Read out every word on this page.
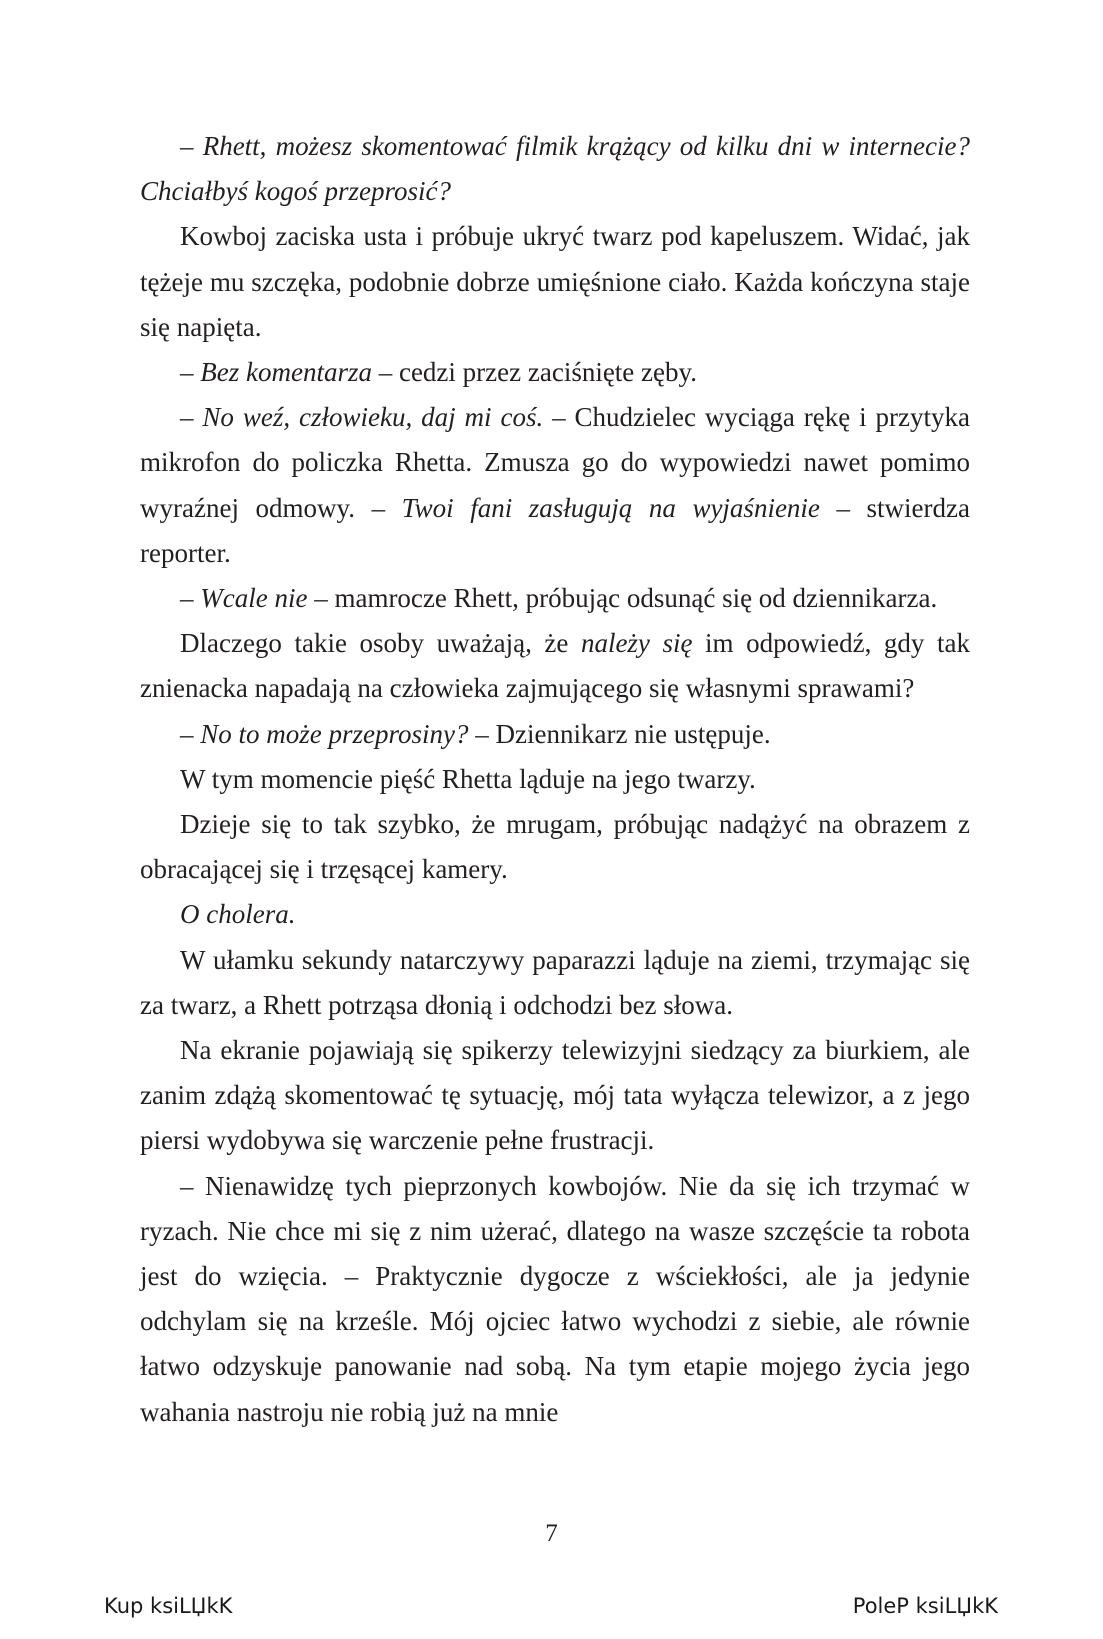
– Rhett, możesz skomentować filmik krążący od kilku dni w internecie? Chciałbyś kogoś przeprosić?

Kowboj zaciska usta i próbuje ukryć twarz pod kapeluszem. Widać, jak tężeje mu szczęka, podobnie dobrze umięśnione ciało. Każda kończyna staje się napięta.

– Bez komentarza – cedzi przez zaciśnięte zęby.

– No weź, człowieku, daj mi coś. – Chudzielec wyciąga rękę i przytyka mikrofon do policzka Rhetta. Zmusza go do wypowiedzi nawet pomimo wyraźnej odmowy. – Twoi fani zasługują na wyjaśnienie – stwierdza reporter.

– Wcale nie – mamrocze Rhett, próbując odsunąć się od dziennikarza.

Dlaczego takie osoby uważają, że należy się im odpowiedź, gdy tak znienacka napadają na człowieka zajmującego się własnymi sprawami?

– No to może przeprosiny? – Dziennikarz nie ustępuje.

W tym momencie pięść Rhetta ląduje na jego twarzy.

Dzieje się to tak szybko, że mrugam, próbując nadążyć na obrazem z obracającej się i trzęsącej kamery.

O cholera.

W ułamku sekundy natarczywy paparazzi ląduje na ziemi, trzymając się za twarz, a Rhett potrząsa dłonią i odchodzi bez słowa.

Na ekranie pojawiają się spikerzy telewizyjni siedzący za biurkiem, ale zanim zdążą skomentować tę sytuację, mój tata wyłącza telewizor, a z jego piersi wydobywa się warczenie pełne frustracji.

– Nienawidzę tych pieprzonych kowbojów. Nie da się ich trzymać w ryzach. Nie chce mi się z nim użerać, dlatego na wasze szczęście ta robota jest do wzięcia. – Praktycznie dygocze z wściekłości, ale ja jedynie odchylam się na krześle. Mój ojciec łatwo wychodzi z siebie, ale równie łatwo odzyskuje panowanie nad sobą. Na tym etapie mojego życia jego wahania nastroju nie robią już na mnie

7
Kup ksiLЏkK	PoleP ksiLЏkK
